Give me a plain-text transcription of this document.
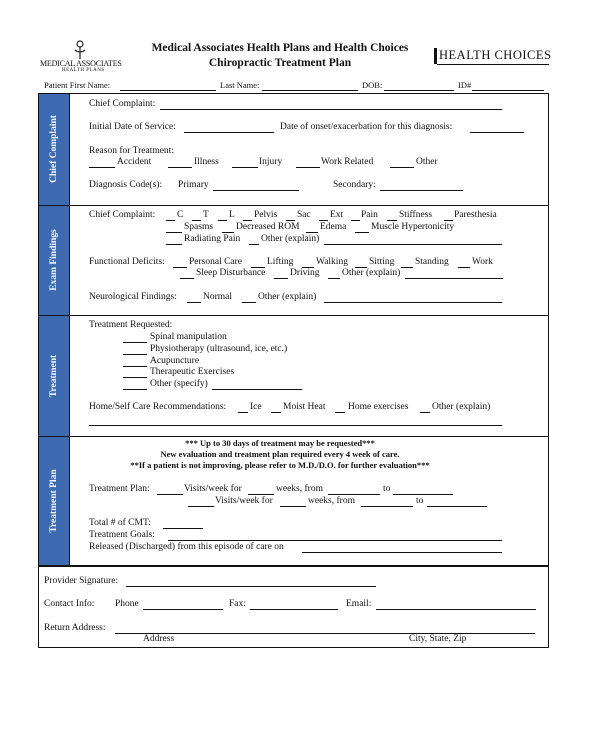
MEDICAL ASSOCIATES
HEALTH PLANS
Medical Associates Health Plans and Health Choices
Chiropractic Treatment Plan
HEALTH CHOICES
Patient First Name:	Last Name:	DOB:	ID#
Chief Complaint
Exam Findings
Treatment
Treatment Plan
Chief Complaint:
Initial Date of Service:	Date of onset/exacerbation for this diagnosis:
Reason for Treatment:
Accident	Illness	Injury	Work Related	Other
Diagnosis Code(s): Primary	Secondary:
Chief Complaint: C T L Pelvis Sac Ext Pain Stiffness Paresthesia
Spasms Decreased ROM Edema	Muscle Hypertonicity
Radiating Pain Other (explain)
Functional Deficits:	Personal Care	Lifting Walking Sitting Standing Work
Sleep Disturbance	Driving Other (explain)
Neurological Findings:	Normal	Other (explain)
Treatment Requested:
Spinal manipulation
Physiotherapy (ultrasound, ice, etc.)
Acupuncture
Therapeutic Exercises
Other (specify)
Home/Self Care Recommendations:	Ice Moist Heat Home exercises Other (explain)
*** Up to 30 days of treatment may be requested***
New evaluation and treatment plan required every 4 week of care.
**If a patient is not improving, please refer to M.D./D.O. for further evaluation***
Treatment Plan:	Visits/week for	weeks, from	to
Visits/week for	weeks, from	to
Total # of CMT:
Treatment Goals:
Released (Discharged) from this episode of care on
Provider Signature:
Contact Info: Phone	Fax:	Email:
Return Address:
Address	City, State, Zip
